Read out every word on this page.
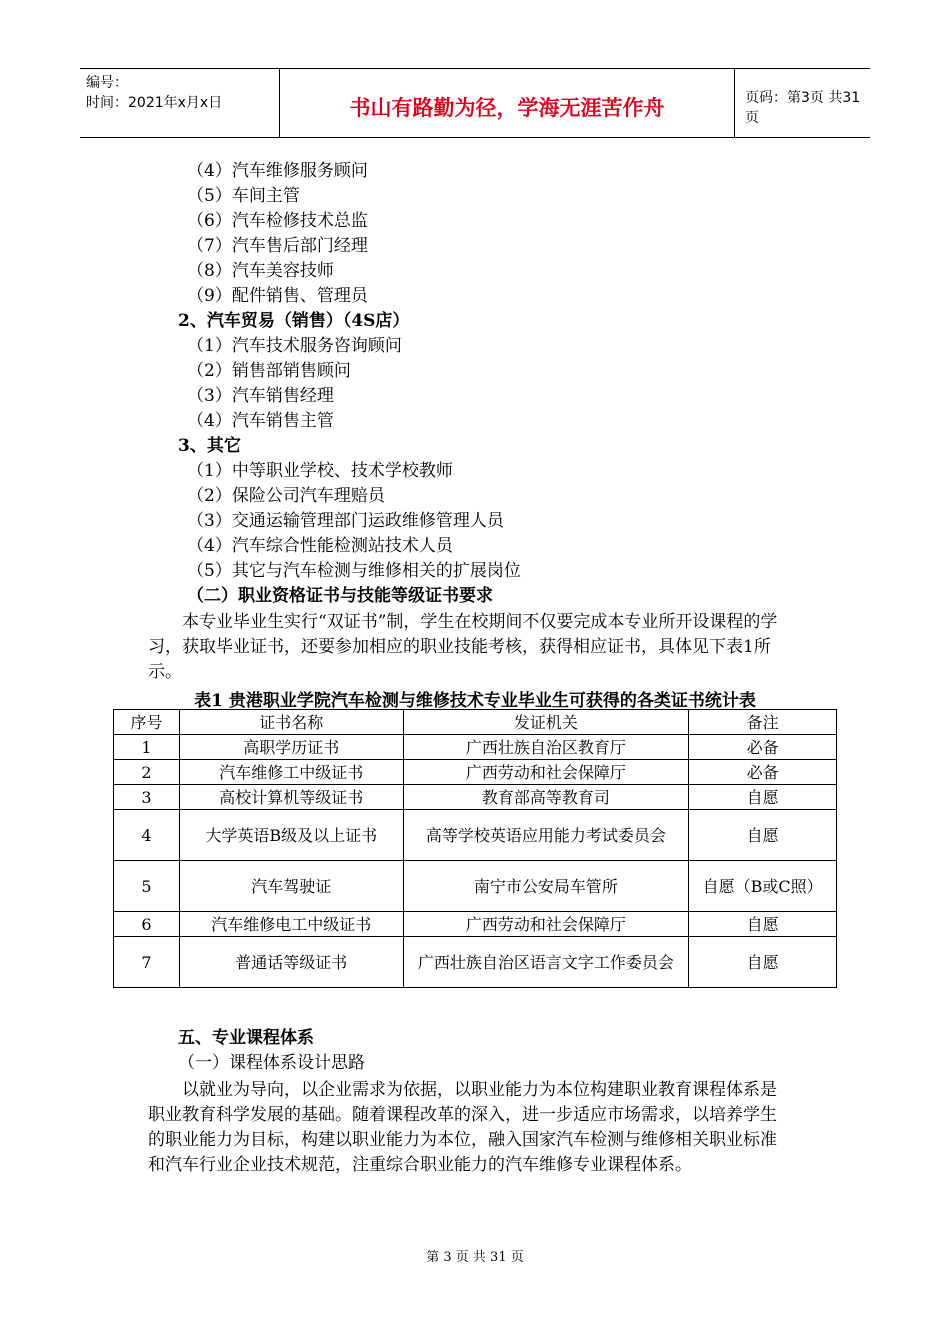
编号：
时间：2021年x月x日	书山有路勤为径，学海无涯苦作舟	页码：第3页 共31页
（4）汽车维修服务顾问
（5）车间主管
（6）汽车检修技术总监
（7）汽车售后部门经理
（8）汽车美容技师
（9）配件销售、管理员
2、汽车贸易（销售）（4S店）
（1）汽车技术服务咨询顾问
（2）销售部销售顾问
（3）汽车销售经理
（4）汽车销售主管
3、其它
（1）中等职业学校、技术学校教师
（2）保险公司汽车理赔员
（3）交通运输管理部门运政维修管理人员
（4）汽车综合性能检测站技术人员
（5）其它与汽车检测与维修相关的扩展岗位
（二）职业资格证书与技能等级证书要求

本专业毕业生实行“双证书”制，学生在校期间不仅要完成本专业所开设课程的学习，获取毕业证书，还要参加相应的职业技能考核，获得相应证书，具体见下表1所示。

表1 贵港职业学院汽车检测与维修技术专业毕业生可获得的各类证书统计表
序号	证书名称	发证机关	备注
1	高职学历证书	广西壮族自治区教育厅	必备
2	汽车维修工中级证书	广西劳动和社会保障厅	必备
3	高校计算机等级证书	教育部高等教育司	自愿
4	大学英语B级及以上证书	高等学校英语应用能力考试委员会	自愿
5	汽车驾驶证	南宁市公安局车管所	自愿（B或C照）
6	汽车维修电工中级证书	广西劳动和社会保障厅	自愿
7	普通话等级证书	广西壮族自治区语言文字工作委员会	自愿
五、专业课程体系
（一）课程体系设计思路

以就业为导向，以企业需求为依据，以职业能力为本位构建职业教育课程体系是职业教育科学发展的基础。随着课程改革的深入，进一步适应市场需求，以培养学生的职业能力为目标，构建以职业能力为本位，融入国家汽车检测与维修相关职业标准和汽车行业企业技术规范，注重综合职业能力的汽车维修专业课程体系。

第 3 页 共 31 页
